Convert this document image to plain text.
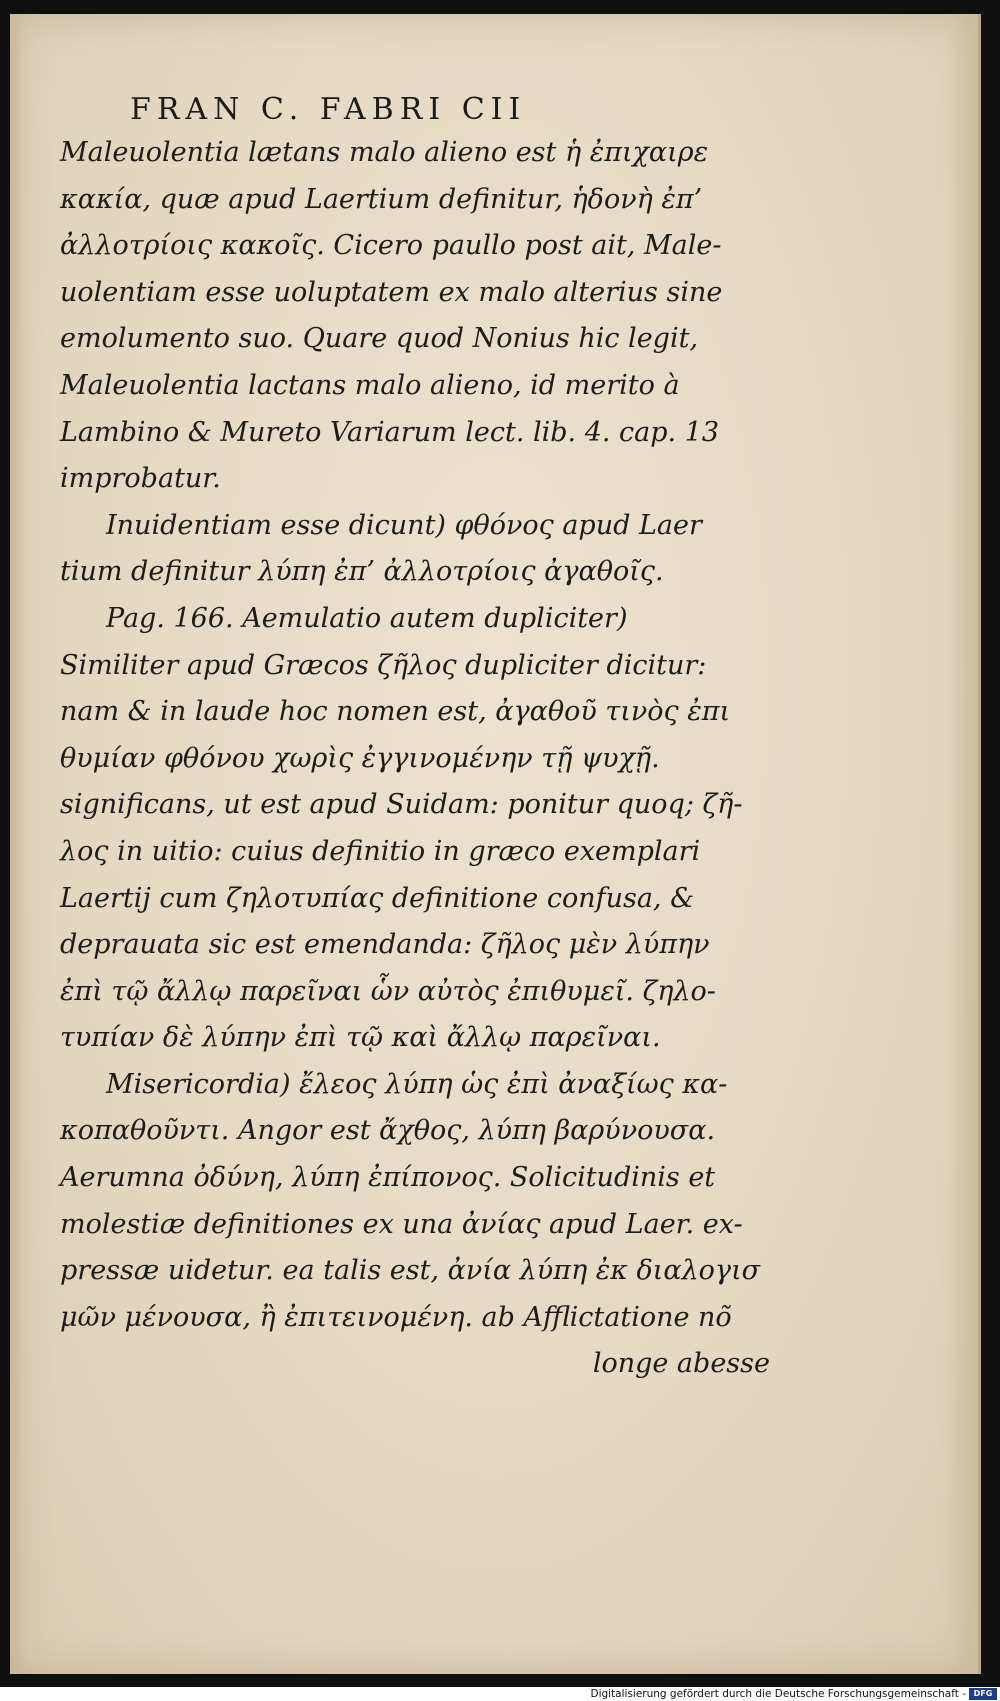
FRAN C. FABRI CII
Maleuolentia lætans malo alieno est ἡ ἐπιχαιρε
κακία, quæ apud Laertium definitur, ἡδονὴ ἐπ’
ἀλλοτρίοις κακοῖς. Cicero paullo post ait, Male-
uolentiam esse uoluptatem ex malo alterius sine
emolumento suo. Quare quod Nonius hic legit,
Maleuolentia lactans malo alieno, id merito à
Lambino & Mureto Variarum lect. lib. 4. cap. 13
improbatur.
Inuidentiam esse dicunt) φθόνος apud Laer
tium definitur λύπη ἐπ’ ἀλλοτρίοις ἀγαθοῖς.
Pag. 166. Aemulatio autem dupliciter)
Similiter apud Græcos ζῆλος dupliciter dicitur:
nam & in laude hoc nomen est, ἀγαθοῦ τινὸς ἐπι
θυμίαν φθόνου χωρὶς ἐγγινομένην τῇ ψυχῇ.
significans, ut est apud Suidam: ponitur quoq; ζῆ-
λος in uitio: cuius definitio in græco exemplari
Laertij cum ζηλοτυπίας definitione confusa, &
deprauata sic est emendanda: ζῆλος μὲν λύπην
ἐπὶ τῷ ἄλλῳ παρεῖναι ὧν αὐτὸς ἐπιθυμεῖ. ζηλο-
τυπίαν δὲ λύπην ἐπὶ τῷ καὶ ἄλλῳ παρεῖναι.
Misericordia) ἔλεος λύπη ὡς ἐπὶ ἀναξίως κα-
κοπαθοῦντι. Angor est ἄχθος, λύπη βαρύνουσα.
Aerumna ὀδύνη, λύπη ἐπίπονος. Solicitudinis et
molestiæ definitiones ex una ἀνίας apud Laer. ex-
pressæ uidetur. ea talis est, ἀνία λύπη ἐκ διαλογισ
μῶν μένουσα, ἢ ἐπιτεινομένη. ab Afflictatione nõ
longe abesse
Digitalisierung gefördert durch die Deutsche Forschungsgemeinschaft - DFG
